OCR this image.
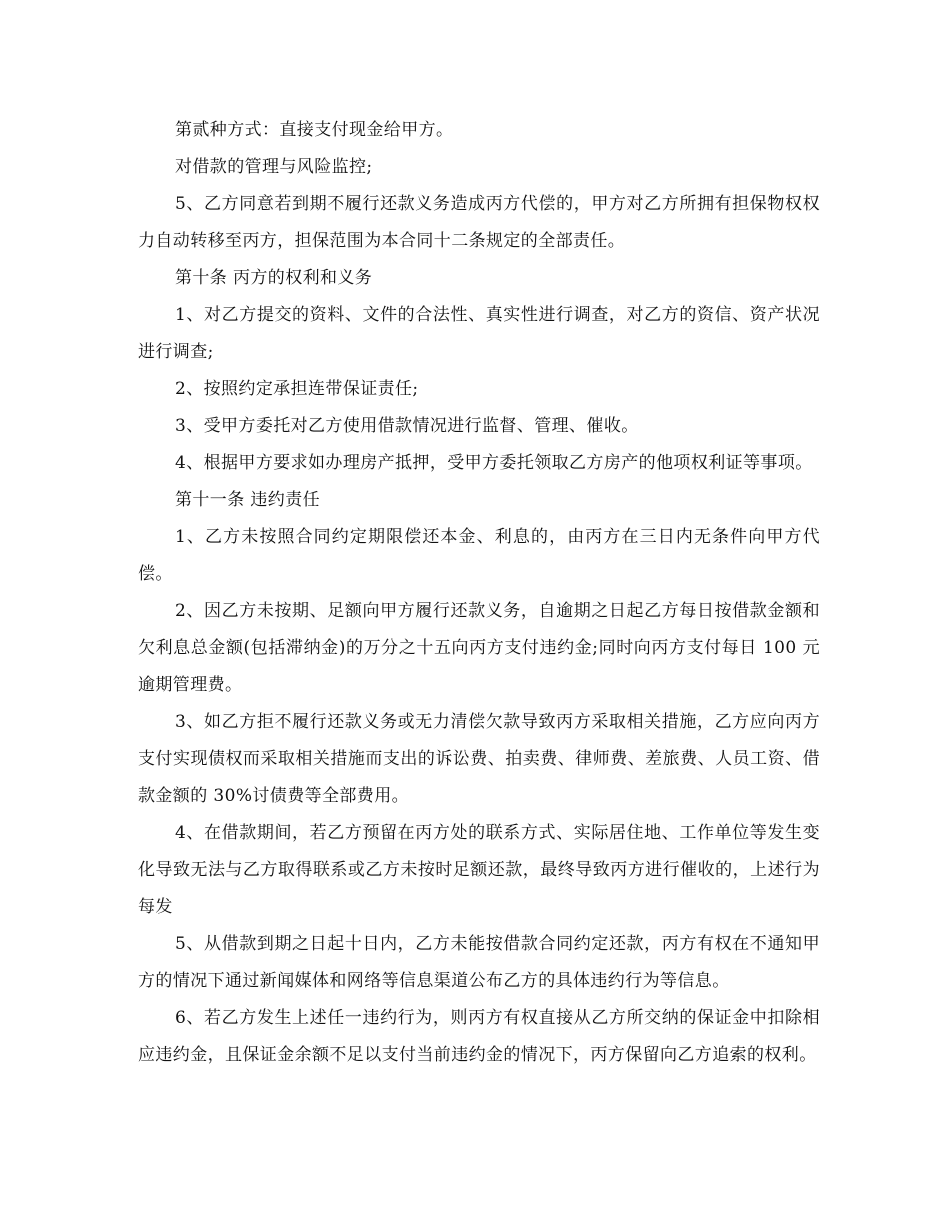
第贰种方式：直接支付现金给甲方。

对借款的管理与风险监控;

5、乙方同意若到期不履行还款义务造成丙方代偿的，甲方对乙方所拥有担保物权权力自动转移至丙方，担保范围为本合同十二条规定的全部责任。

第十条 丙方的权利和义务

1、对乙方提交的资料、文件的合法性、真实性进行调查，对乙方的资信、资产状况进行调查;

2、按照约定承担连带保证责任;

3、受甲方委托对乙方使用借款情况进行监督、管理、催收。

4、根据甲方要求如办理房产抵押，受甲方委托领取乙方房产的他项权利证等事项。

第十一条 违约责任

1、乙方未按照合同约定期限偿还本金、利息的，由丙方在三日内无条件向甲方代偿。

2、因乙方未按期、足额向甲方履行还款义务，自逾期之日起乙方每日按借款金额和欠利息总金额(包括滞纳金)的万分之十五向丙方支付违约金;同时向丙方支付每日 100 元逾期管理费。

3、如乙方拒不履行还款义务或无力清偿欠款导致丙方采取相关措施，乙方应向丙方支付实现债权而采取相关措施而支出的诉讼费、拍卖费、律师费、差旅费、人员工资、借款金额的 30%讨债费等全部费用。

4、在借款期间，若乙方预留在丙方处的联系方式、实际居住地、工作单位等发生变化导致无法与乙方取得联系或乙方未按时足额还款，最终导致丙方进行催收的，上述行为每发

5、从借款到期之日起十日内，乙方未能按借款合同约定还款，丙方有权在不通知甲方的情况下通过新闻媒体和网络等信息渠道公布乙方的具体违约行为等信息。

6、若乙方发生上述任一违约行为，则丙方有权直接从乙方所交纳的保证金中扣除相应违约金，且保证金余额不足以支付当前违约金的情况下，丙方保留向乙方追索的权利。
